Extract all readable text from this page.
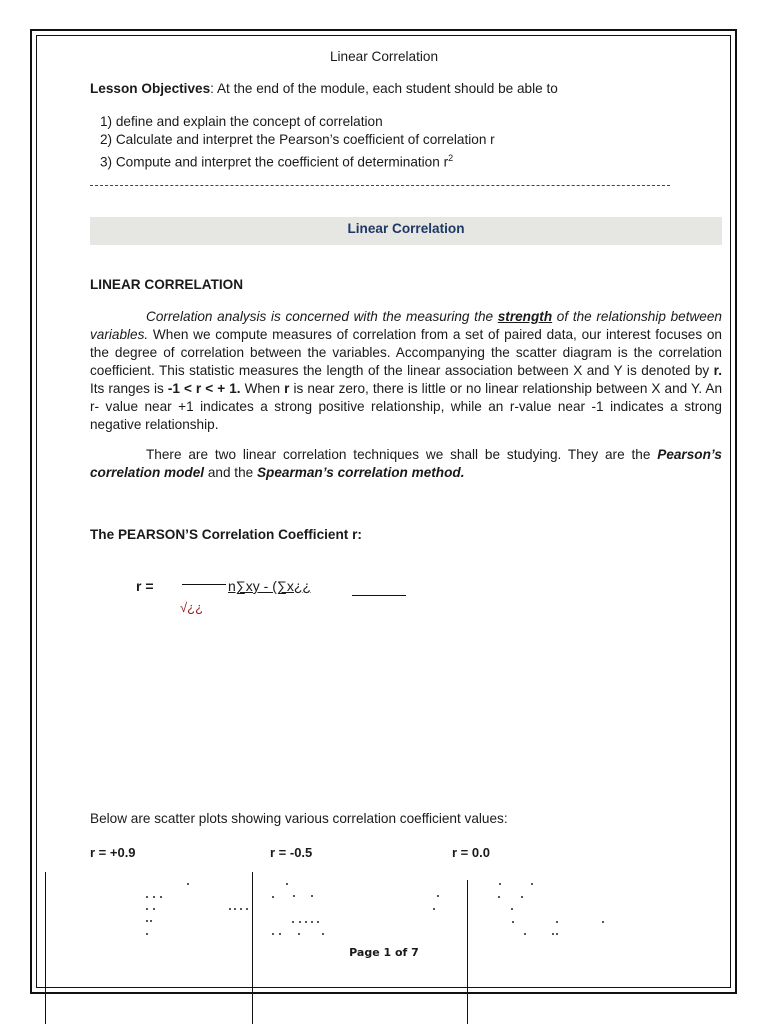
Linear Correlation
Lesson Objectives: At the end of the module, each student should be able to
1) define and explain the concept of correlation
2) Calculate and interpret the Pearson’s coefficient of correlation r
3) Compute and interpret the coefficient of determination $r^2$
Linear Correlation
LINEAR CORRELATION
Correlation analysis is concerned with the measuring the strength of the relationship between variables. When we compute measures of correlation from a set of paired data, our interest focuses on the degree of correlation between the variables. Accompanying the scatter diagram is the correlation coefficient. This statistic measures the length of the linear association between X and Y is denoted by r. Its ranges is -1 < r < + 1. When r is near zero, there is little or no linear relationship between X and Y. An r- value near +1 indicates a strong positive relationship, while an r-value near -1 indicates a strong negative relationship.
There are two linear correlation techniques we shall be studying. They are the Pearson’s correlation model and the Spearman’s correlation method.
The PEARSON’S Correlation Coefficient r:
r =	n∑xy - (∑x¿¿
√¿¿
Below are scatter plots showing various correlation coefficient values:
r = +0.9	r = -0.5	r = 0.0
Page 1 of 7
